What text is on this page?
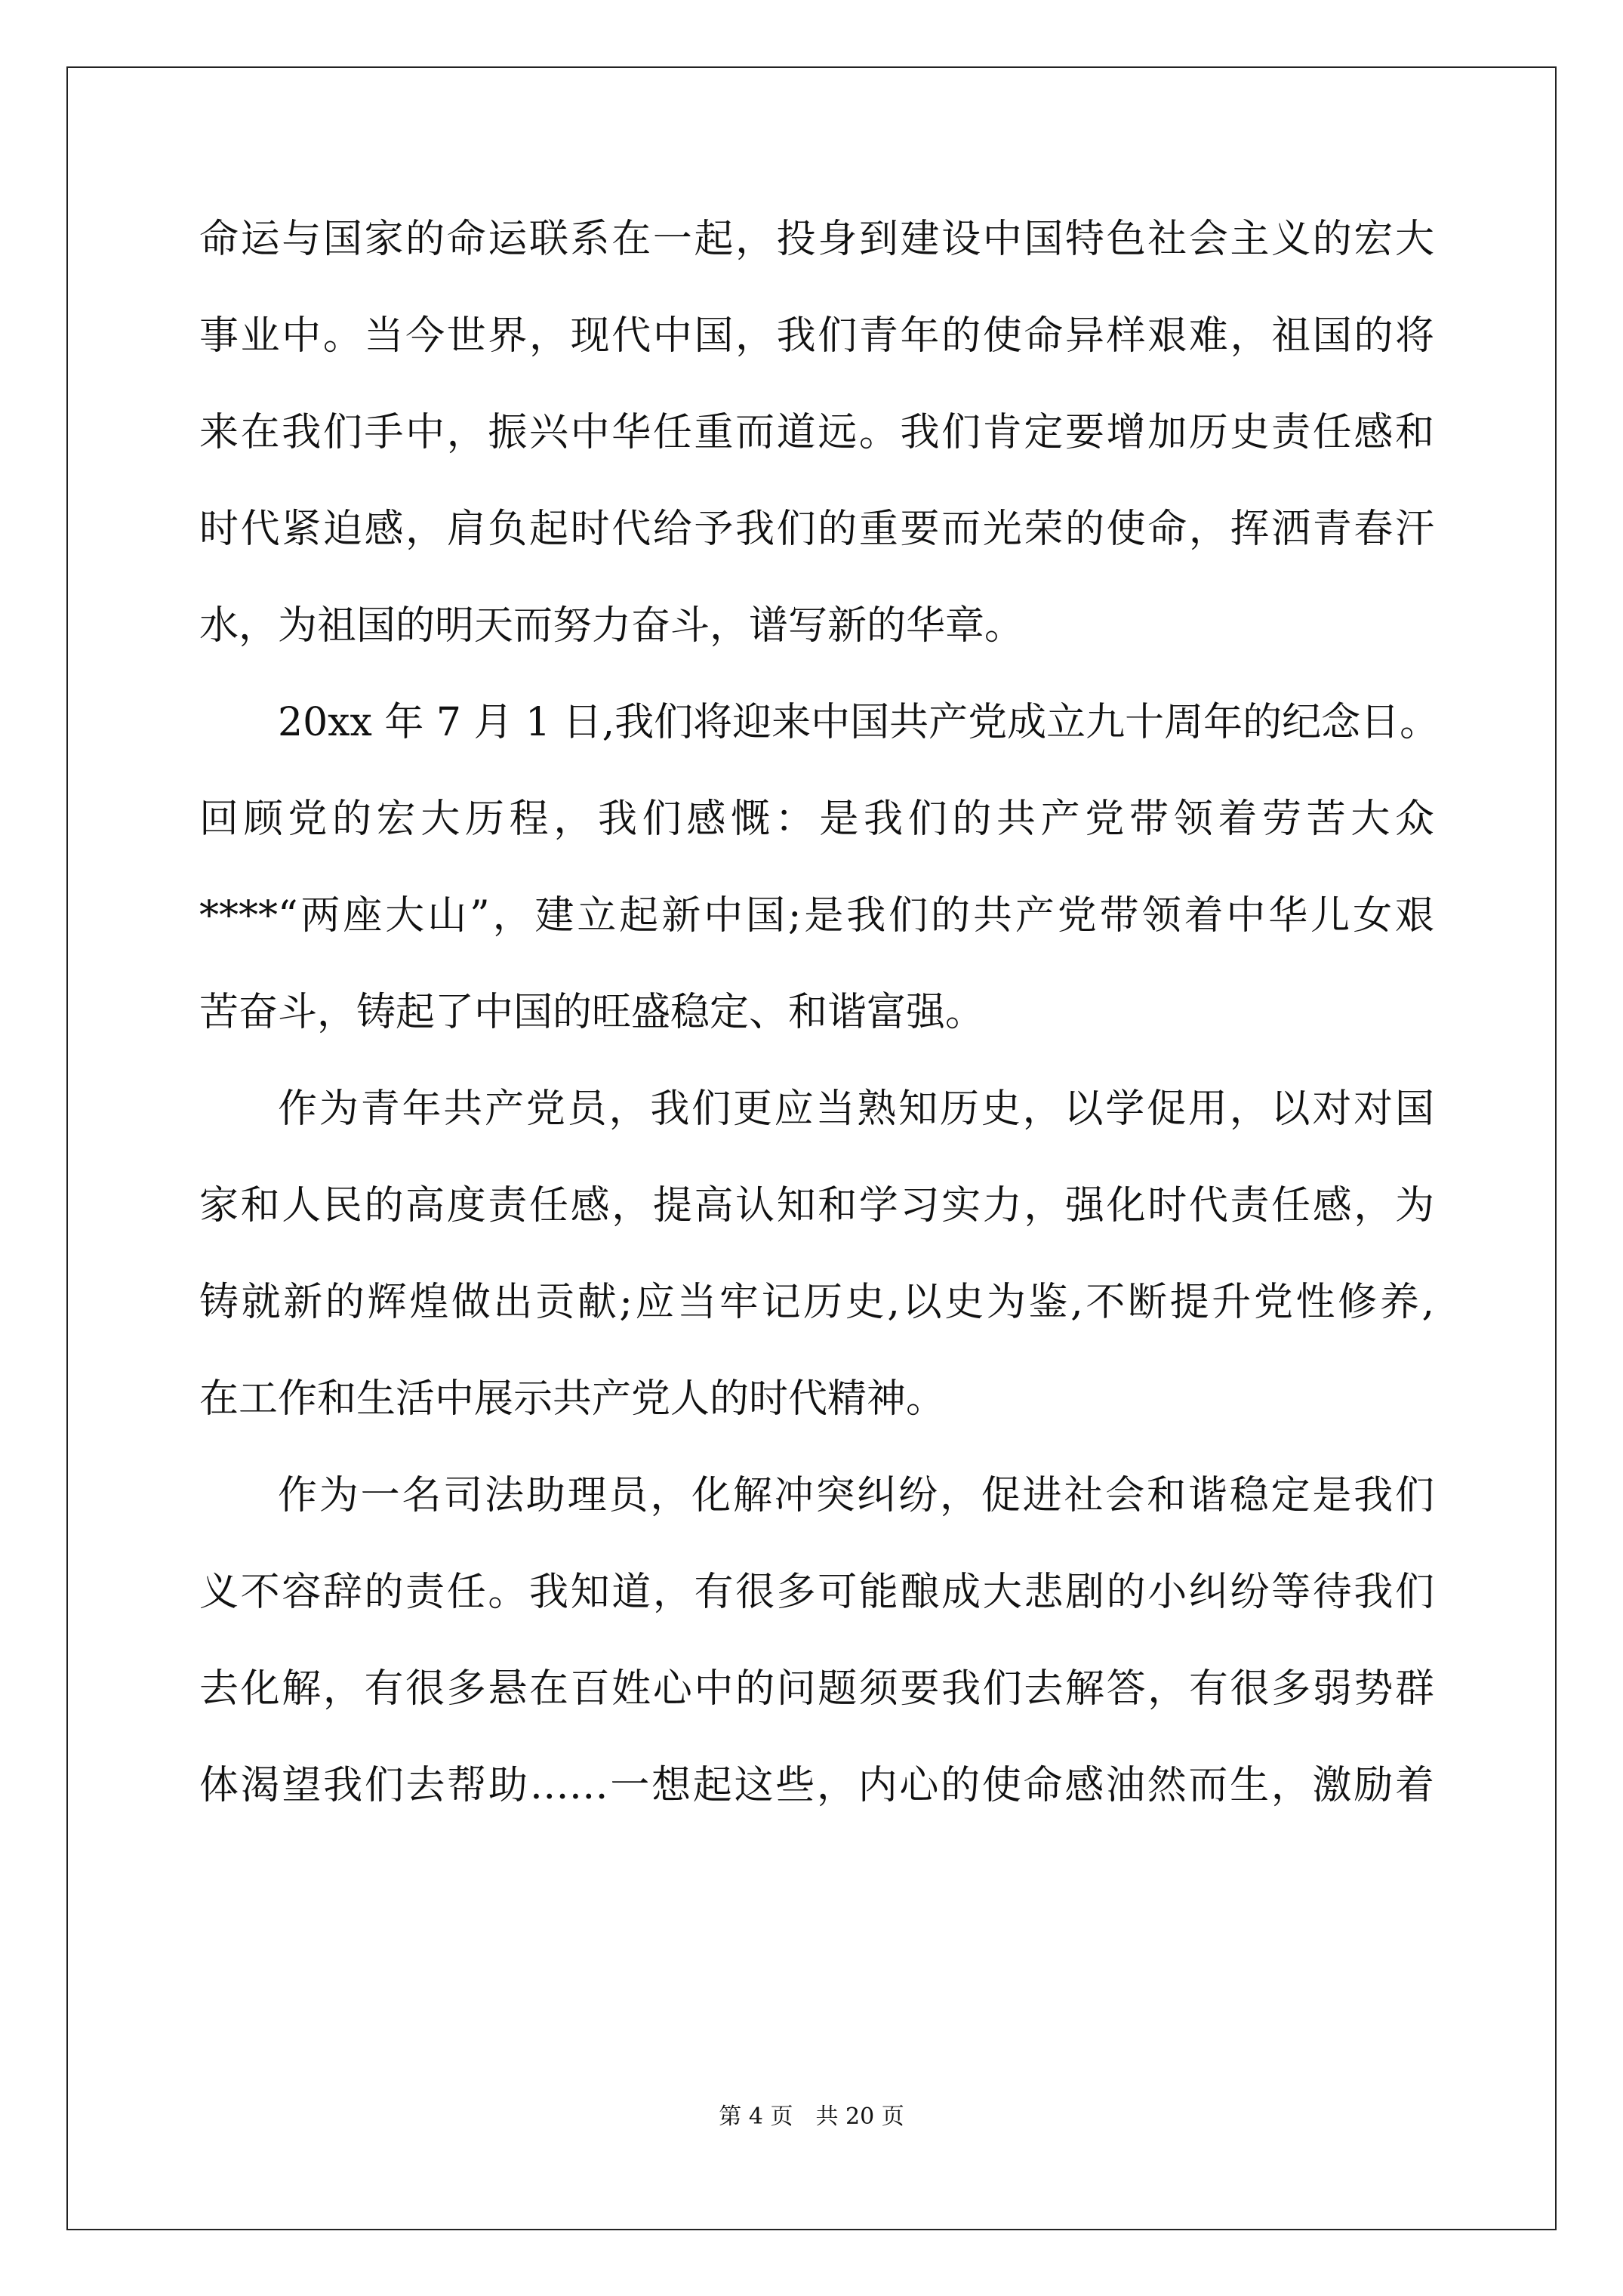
命运与国家的命运联系在一起，投身到建设中国特色社会主义的宏大
事业中。当今世界，现代中国，我们青年的使命异样艰难，祖国的将
来在我们手中，振兴中华任重而道远。我们肯定要增加历史责任感和
时代紧迫感，肩负起时代给予我们的重要而光荣的使命，挥洒青春汗
水，为祖国的明天而努力奋斗，谱写新的华章。
20xx 年 7 月 1 日,我们将迎来中国共产党成立九十周年的纪念日。
回顾党的宏大历程，我们感慨：是我们的共产党带领着劳苦大众
****“两座大山”，建立起新中国;是我们的共产党带领着中华儿女艰
苦奋斗，铸起了中国的旺盛稳定、和谐富强。
作为青年共产党员，我们更应当熟知历史，以学促用，以对对国
家和人民的高度责任感，提高认知和学习实力，强化时代责任感，为
铸就新的辉煌做出贡献;应当牢记历史,以史为鉴,不断提升党性修养,
在工作和生活中展示共产党人的时代精神。
作为一名司法助理员，化解冲突纠纷，促进社会和谐稳定是我们
义不容辞的责任。我知道，有很多可能酿成大悲剧的小纠纷等待我们
去化解，有很多悬在百姓心中的问题须要我们去解答，有很多弱势群
体渴望我们去帮助……一想起这些，内心的使命感油然而生，激励着
第 4 页　共 20 页
